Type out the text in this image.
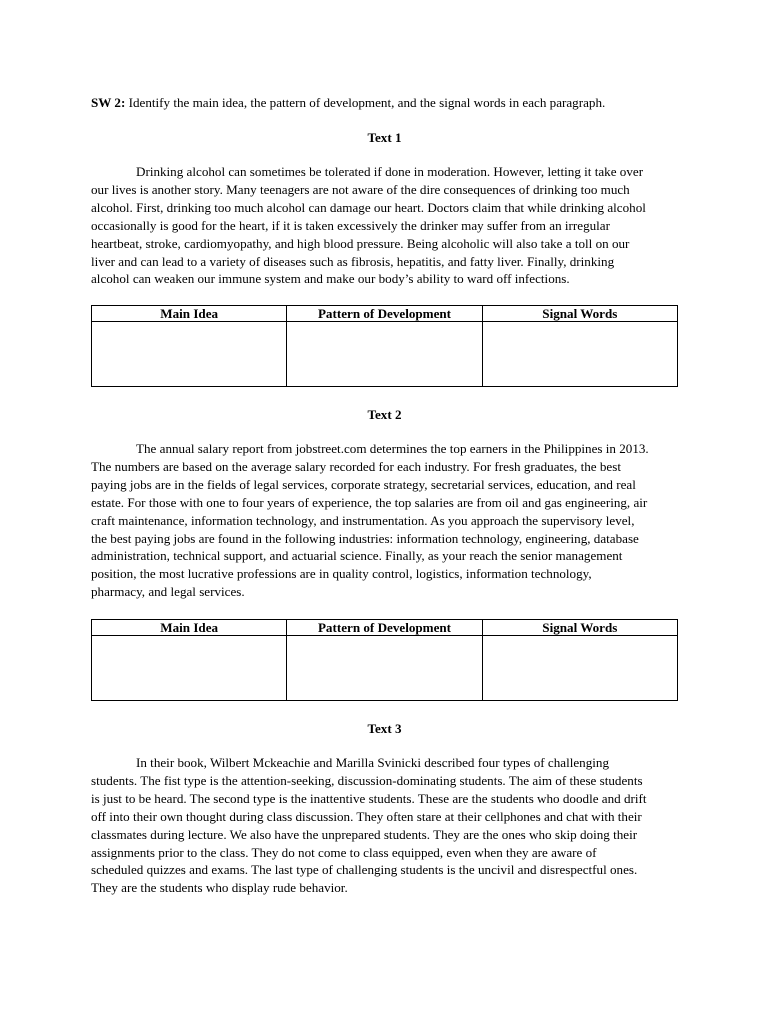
SW 2: Identify the main idea, the pattern of development, and the signal words in each paragraph.
Text 1
Drinking alcohol can sometimes be tolerated if done in moderation. However, letting it take over
our lives is another story. Many teenagers are not aware of the dire consequences of drinking too much
alcohol. First, drinking too much alcohol can damage our heart. Doctors claim that while drinking alcohol
occasionally is good for the heart, if it is taken excessively the drinker may suffer from an irregular
heartbeat, stroke, cardiomyopathy, and high blood pressure. Being alcoholic will also take a toll on our
liver and can lead to a variety of diseases such as fibrosis, hepatitis, and fatty liver. Finally, drinking
alcohol can weaken our immune system and make our body’s ability to ward off infections.
Main Idea	Pattern of Development	Signal Words

Text 2
The annual salary report from jobstreet.com determines the top earners in the Philippines in 2013.
The numbers are based on the average salary recorded for each industry. For fresh graduates, the best
paying jobs are in the fields of legal services, corporate strategy, secretarial services, education, and real
estate. For those with one to four years of experience, the top salaries are from oil and gas engineering, air
craft maintenance, information technology, and instrumentation. As you approach the supervisory level,
the best paying jobs are found in the following industries: information technology, engineering, database
administration, technical support, and actuarial science. Finally, as your reach the senior management
position, the most lucrative professions are in quality control, logistics, information technology,
pharmacy, and legal services.
Main Idea	Pattern of Development	Signal Words

Text 3
In their book, Wilbert Mckeachie and Marilla Svinicki described four types of challenging
students. The fist type is the attention-seeking, discussion-dominating students. The aim of these students
is just to be heard. The second type is the inattentive students. These are the students who doodle and drift
off into their own thought during class discussion. They often stare at their cellphones and chat with their
classmates during lecture. We also have the unprepared students. They are the ones who skip doing their
assignments prior to the class. They do not come to class equipped, even when they are aware of
scheduled quizzes and exams. The last type of challenging students is the uncivil and disrespectful ones.
They are the students who display rude behavior.
